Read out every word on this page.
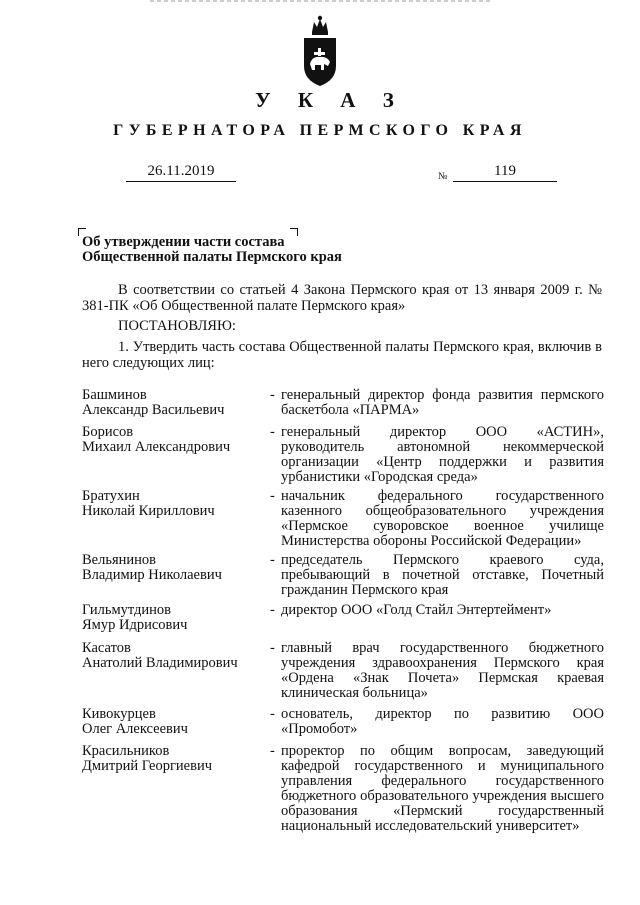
У К А З
ГУБЕРНАТОРА ПЕРМСКОГО КРАЯ
26.11.2019	№	119
Об утверждении части состава
Общественной палаты Пермского края
В соответствии со статьей 4 Закона Пермского края от 13 января 2009 г. № 381-ПК «Об Общественной палате Пермского края»
ПОСТАНОВЛЯЮ:
1. Утвердить часть состава Общественной палаты Пермского края, включив в него следующих лиц:
Башминов
Александр Васильевич
- генеральный директор фонда развития пермского баскетбола «ПАРМА»
Борисов
Михаил Александрович
- генеральный директор ООО «АСТИН», руководитель автономной некоммерческой организации «Центр поддержки и развития урбанистики «Городская среда»
Братухин
Николай Кириллович
- начальник федерального государственного казенного общеобразовательного учреждения «Пермское суворовское военное училище Министерства обороны Российской Федерации»
Вельянинов
Владимир Николаевич
- председатель Пермского краевого суда, пребывающий в почетной отставке, Почетный гражданин Пермского края
Гильмутдинов
Ямур Идрисович
- директор ООО «Голд Стайл Энтертеймент»
Касатов
Анатолий Владимирович
- главный врач государственного бюджетного учреждения здравоохранения Пермского края «Ордена «Знак Почета» Пермская краевая клиническая больница»
Кивокурцев
Олег Алексеевич
- основатель, директор по развитию ООО «Промобот»
Красильников
Дмитрий Георгиевич
- проректор по общим вопросам, заведующий кафедрой государственного и муниципального управления федерального государственного бюджетного образовательного учреждения высшего образования «Пермский государственный национальный исследовательский университет»
